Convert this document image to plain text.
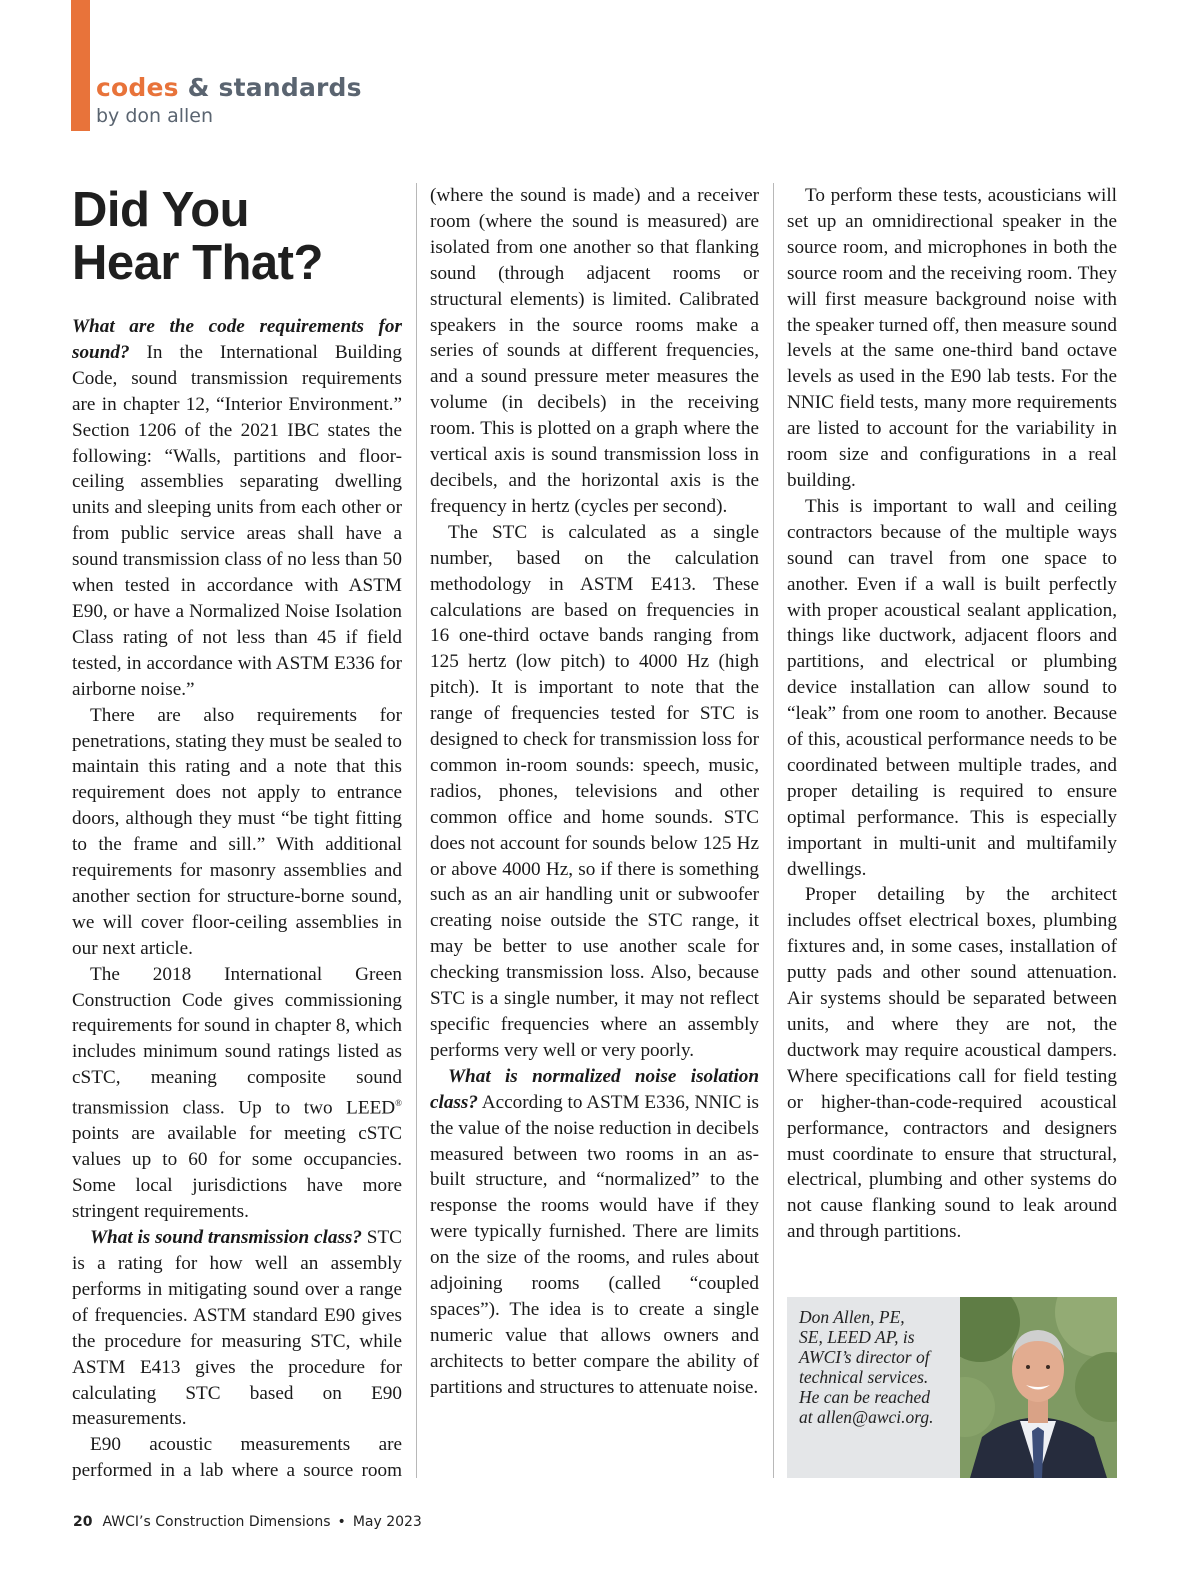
codes & standards
by don allen
Did You
Hear That?

What are the code requirements for sound? In the International Building Code, sound transmission requirements are in chapter 12, “Interior Environment.” Section 1206 of the 2021 IBC states the following: “Walls, partitions and floor-ceiling assemblies separating dwelling units and sleeping units from each other or from public service areas shall have a sound transmission class of no less than 50 when tested in accordance with ASTM E90, or have a Normalized Noise Isolation Class rating of not less than 45 if field tested, in accordance with ASTM E336 for airborne noise.”

There are also requirements for penetrations, stating they must be sealed to maintain this rating and a note that this requirement does not apply to entrance doors, although they must “be tight fitting to the frame and sill.” With additional requirements for masonry assemblies and another section for structure-borne sound, we will cover floor-ceiling assemblies in our next article.

The 2018 International Green Construction Code gives commissioning requirements for sound in chapter 8, which includes minimum sound ratings listed as cSTC, meaning composite sound transmission class. Up to two LEED® points are available for meeting cSTC values up to 60 for some occupancies. Some local jurisdictions have more stringent requirements.

What is sound transmission class? STC is a rating for how well an assembly performs in mitigating sound over a range of frequencies. ASTM standard E90 gives the procedure for measuring STC, while ASTM E413 gives the procedure for calculating STC based on E90 measurements.

E90 acoustic measurements are performed in a lab where a source room

(where the sound is made) and a receiver room (where the sound is measured) are isolated from one another so that flanking sound (through adjacent rooms or structural elements) is limited. Calibrated speakers in the source rooms make a series of sounds at different frequencies, and a sound pressure meter measures the volume (in decibels) in the receiving room. This is plotted on a graph where the vertical axis is sound transmission loss in decibels, and the horizontal axis is the frequency in hertz (cycles per second).

The STC is calculated as a single number, based on the calculation methodology in ASTM E413. These calculations are based on frequencies in 16 one-third octave bands ranging from 125 hertz (low pitch) to 4000 Hz (high pitch). It is important to note that the range of frequencies tested for STC is designed to check for transmission loss for common in-room sounds: speech, music, radios, phones, televisions and other common office and home sounds. STC does not account for sounds below 125 Hz or above 4000 Hz, so if there is something such as an air handling unit or subwoofer creating noise outside the STC range, it may be better to use another scale for checking transmission loss. Also, because STC is a single number, it may not reflect specific frequencies where an assembly performs very well or very poorly.

What is normalized noise isolation class? According to ASTM E336, NNIC is the value of the noise reduction in decibels measured between two rooms in an as-built structure, and “normalized” to the response the rooms would have if they were typically furnished. There are limits on the size of the rooms, and rules about adjoining rooms (called “coupled spaces”). The idea is to create a single numeric value that allows owners and architects to better compare the ability of partitions and structures to attenuate noise.

To perform these tests, acousticians will set up an omnidirectional speaker in the source room, and microphones in both the source room and the receiving room. They will first measure background noise with the speaker turned off, then measure sound levels at the same one-third band octave levels as used in the E90 lab tests. For the NNIC field tests, many more requirements are listed to account for the variability in room size and configurations in a real building.

This is important to wall and ceiling contractors because of the multiple ways sound can travel from one space to another. Even if a wall is built perfectly with proper acoustical sealant application, things like ductwork, adjacent floors and partitions, and electrical or plumbing device installation can allow sound to “leak” from one room to another. Because of this, acoustical performance needs to be coordinated between multiple trades, and proper detailing is required to ensure optimal performance. This is especially important in multi-unit and multifamily dwellings.

Proper detailing by the architect includes offset electrical boxes, plumbing fixtures and, in some cases, installation of putty pads and other sound attenuation. Air systems should be separated between units, and where they are not, the ductwork may require acoustical dampers. Where specifications call for field testing or higher-than-code-required acoustical performance, contractors and designers must coordinate to ensure that structural, electrical, plumbing and other systems do not cause flanking sound to leak around and through partitions.

Don Allen, PE,
SE, LEED AP, is
AWCI’s director of
technical services.
He can be reached
at allen@awci.org.
20 AWCI’s Construction Dimensions • May 2023
